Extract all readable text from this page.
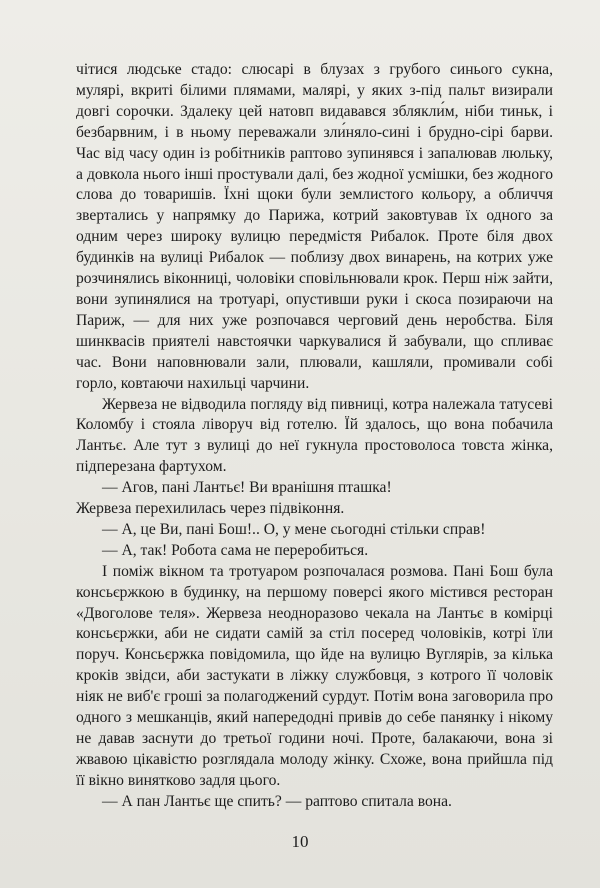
чітися людське стадо: слюсарі в блузах з грубого синього сукна, мулярі, вкриті білими плямами, малярі, у яких з-під пальт визирали довгі сорочки. Здалеку цей натовп видавався зблякли́м, ніби тиньк, і безбарвним, і в ньому переважали зли́нялo-сині і брудно-сірі барви. Час від часу один із робітників раптово зупинявся і запалював люльку, а довкола нього інші простували далі, без жодної усмішки, без жодного слова до товаришів. Їхні щоки були землистого кольору, а обличчя звертались у напрямку до Парижа, котрий заковтував їх одного за одним через широку вулицю передмістя Рибалок. Проте біля двох будинків на вулиці Рибалок — поблизу двох винарень, на котрих уже розчинялись віконниці, чоловіки сповільнювали крок. Перш ніж зайти, вони зупинялися на тротуарі, опустивши руки і скоса позираючи на Париж, — для них уже розпочався черговий день неробства. Біля шинквасів приятелі навстоячки чаркувалися й забували, що спливає час. Вони наповнювали зали, плювали, кашляли, промивали собі горло, ковтаючи нахильці чарчини.

Жервеза не відводила погляду від пивниці, котра належала татусеві Коломбу і стояла ліворуч від готелю. Їй здалось, що вона побачила Лантьє. Але тут з вулиці до неї гукнула простоволоса товста жінка, підперезана фартухом.

— Агов, пані Лантьє! Ви вранішня пташка!

Жервеза перехилилась через підвіконня.

— А, це Ви, пані Бош!.. О, у мене сьогодні стільки справ!

— А, так! Робота сама не переробиться.

І поміж вікном та тротуаром розпочалася розмова. Пані Бош була консьєржкою в будинку, на першому поверсі якого містився ресторан «Двоголове теля». Жервеза неодноразово чекала на Лантьє в комірці консьєржки, аби не сидати самій за стіл посеред чоловіків, котрі їли поруч. Консьєржка повідомила, що йде на вулицю Вуглярів, за кілька кроків звідси, аби застукати в ліжку службовця, з котрого її чоловік ніяк не виб'є гроші за полагоджений сурдут. Потім вона заговорила про одного з мешканців, який напередодні привів до себе панянку і нікому не давав заснути до третьої години ночі. Проте, балакаючи, вона зі жвавою цікавістю розглядала молоду жінку. Схоже, вона прийшла під її вікно винятково задля цього.

— А пан Лантьє ще спить? — раптово спитала вона.

10
